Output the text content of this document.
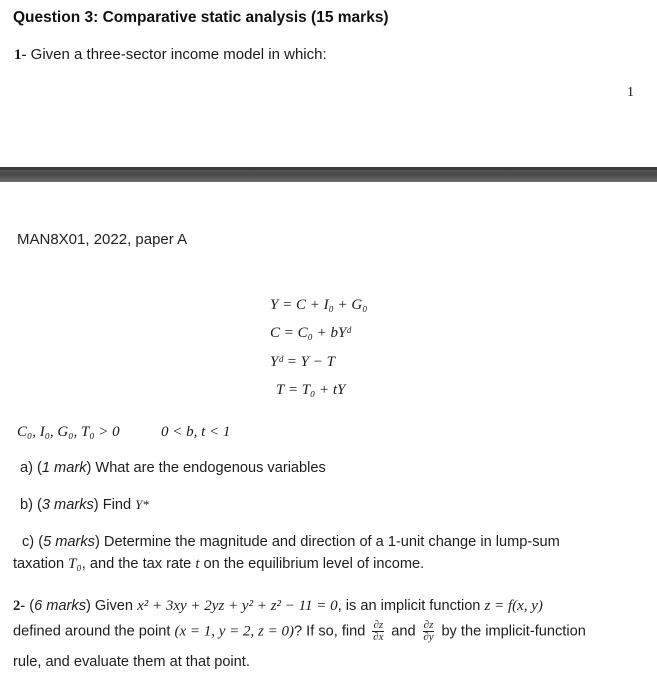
Question 3: Comparative static analysis (15 marks)
1- Given a three-sector income model in which:
1
MAN8X01, 2022, paper A
Y = C + I₀ + G₀
C = C₀ + bYᵈ
Yᵈ = Y − T
T = T₀ + tY
C₀, I₀, G₀, T₀ > 0	0 < b, t < 1
a) (1 mark) What are the endogenous variables
b) (3 marks) Find Y*
c) (5 marks) Determine the magnitude and direction of a 1-unit change in lump-sum
taxation T₀, and the tax rate t on the equilibrium level of income.
2- (6 marks) Given x² + 3xy + 2yz + y² + z² − 11 = 0, is an implicit function z = f(x, y)
defined around the point (x = 1, y = 2, z = 0)? If so, find $\frac{\partial z}{\partial x}$ and $\frac{\partial z}{\partial y}$ by the implicit-function
rule, and evaluate them at that point.
